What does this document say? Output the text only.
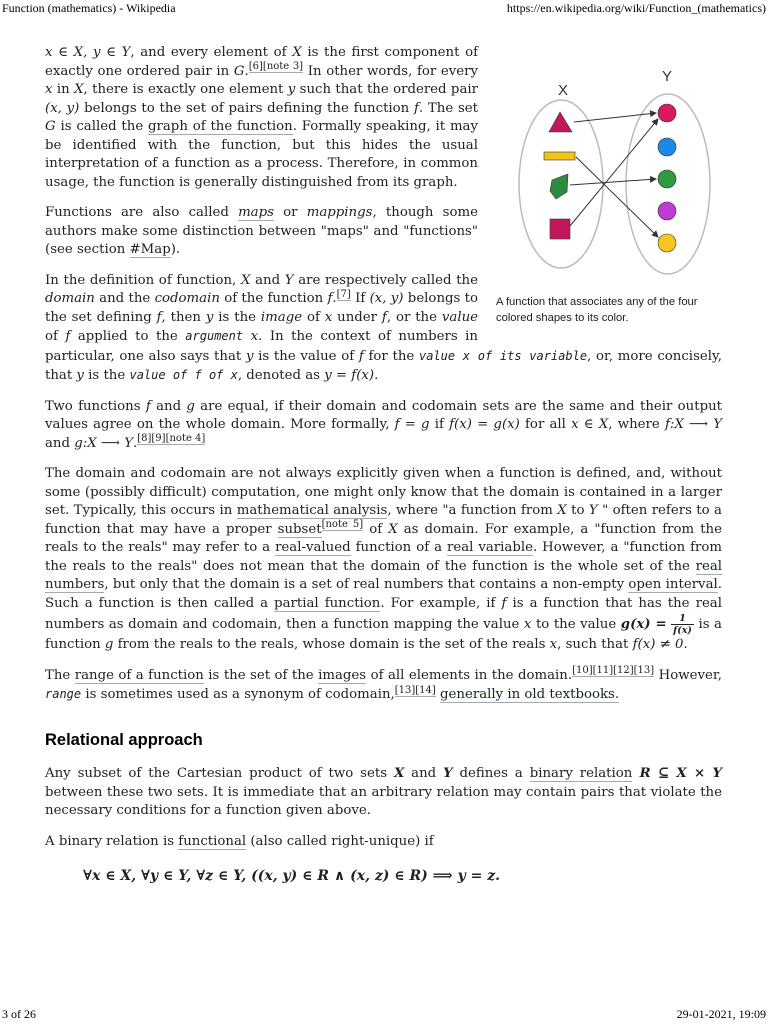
Function (mathematics) - Wikipedia	https://en.wikipedia.org/wiki/Function_(mathematics)
X
Y
A function that associates any of the four colored shapes to its color.

x ∈ X, y ∈ Y, and every element of X is the first component of exactly one ordered pair in G.[6][note 3] In other words, for every x in X, there is exactly one element y such that the ordered pair (x, y) belongs to the set of pairs defining the function f. The set G is called the graph of the function. Formally speaking, it may be identified with the function, but this hides the usual interpretation of a function as a process. Therefore, in common usage, the function is generally distinguished from its graph.

Functions are also called maps or mappings, though some authors make some distinction between "maps" and "functions" (see section #Map).

In the definition of function, X and Y are respectively called the domain and the codomain of the function f.[7] If (x, y) belongs to the set defining f, then y is the image of x under f, or the value of f applied to the argument x. In the context of numbers in particular, one also says that y is the value of f for the value x of its variable, or, more concisely, that y is the value of f of x, denoted as y = f(x).

Two functions f and g are equal, if their domain and codomain sets are the same and their output values agree on the whole domain. More formally, f = g if f(x) = g(x) for all x ∈ X, where f:X ⟶ Y and g:X ⟶ Y.[8][9][note 4]

The domain and codomain are not always explicitly given when a function is defined, and, without some (possibly difficult) computation, one might only know that the domain is contained in a larger set. Typically, this occurs in mathematical analysis, where "a function from X to Y " often refers to a function that may have a proper subset[note 5] of X as domain. For example, a "function from the reals to the reals" may refer to a real-valued function of a real variable. However, a "function from the reals to the reals" does not mean that the domain of the function is the whole set of the real numbers, but only that the domain is a set of real numbers that contains a non-empty open interval. Such a function is then called a partial function. For example, if f is a function that has the real numbers as domain and codomain, then a function mapping the value x to the value $g(x) = \frac{1}{f(x)}$ is a function g from the reals to the reals, whose domain is the set of the reals x, such that f(x) ≠ 0.

The range of a function is the set of the images of all elements in the domain.[10][11][12][13] However, range is sometimes used as a synonym of codomain,[13][14] generally in old textbooks.

Relational approach

Any subset of the Cartesian product of two sets X and Y defines a binary relation R ⊆ X × Y between these two sets. It is immediate that an arbitrary relation may contain pairs that violate the necessary conditions for a function given above.

A binary relation is functional (also called right-unique) if

∀x ∈ X, ∀y ∈ Y, ∀z ∈ Y, ((x, y) ∈ R ∧ (x, z) ∈ R) ⟹ y = z.
3 of 26	29-01-2021, 19:09
